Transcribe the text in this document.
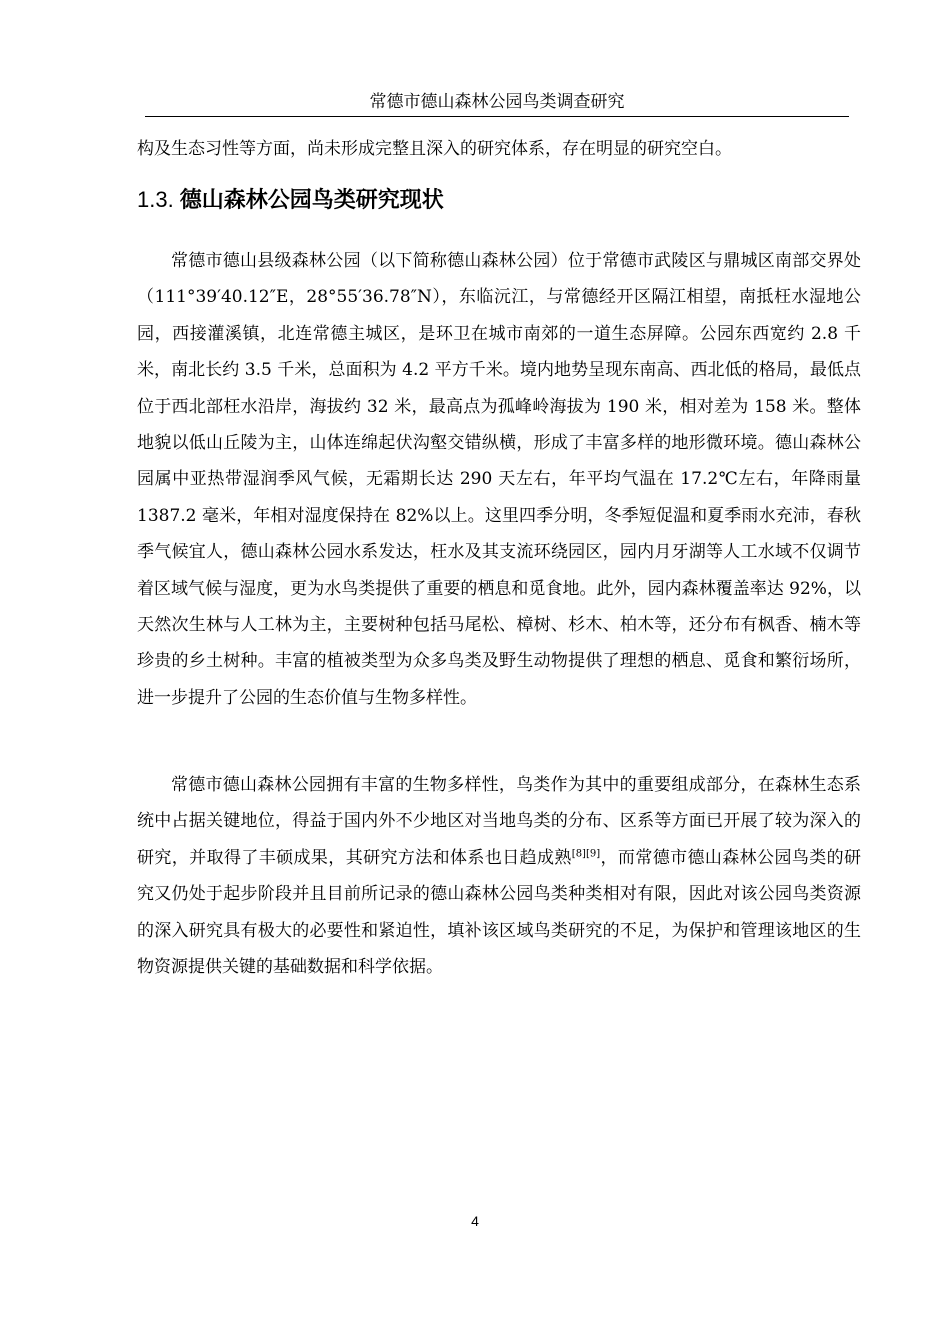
常德市德山森林公园鸟类调查研究

构及生态习性等方面，尚未形成完整且深入的研究体系，存在明显的研究空白。

1.3. 德山森林公园鸟类研究现状

常德市德山县级森林公园（以下简称德山森林公园）位于常德市武陵区与鼎城区南部交界处（111°39′40.12″E，28°55′36.78″N），东临沅江，与常德经开区隔江相望，南抵枉水湿地公园，西接灌溪镇，北连常德主城区，是环卫在城市南郊的一道生态屏障。公园东西宽约 2.8 千米，南北长约 3.5 千米，总面积为 4.2 平方千米。境内地势呈现东南高、西北低的格局，最低点位于西北部枉水沿岸，海拔约 32 米，最高点为孤峰岭海拔为 190 米，相对差为 158 米。整体地貌以低山丘陵为主，山体连绵起伏沟壑交错纵横，形成了丰富多样的地形微环境。德山森林公园属中亚热带湿润季风气候，无霜期长达 290 天左右，年平均气温在 17.2℃左右，年降雨量 1387.2 毫米，年相对湿度保持在 82%以上。这里四季分明，冬季短促温和夏季雨水充沛，春秋季气候宜人，德山森林公园水系发达，枉水及其支流环绕园区，园内月牙湖等人工水域不仅调节着区域气候与湿度，更为水鸟类提供了重要的栖息和觅食地。此外，园内森林覆盖率达 92%，以天然次生林与人工林为主，主要树种包括马尾松、樟树、杉木、柏木等，还分布有枫香、楠木等珍贵的乡土树种。丰富的植被类型为众多鸟类及野生动物提供了理想的栖息、觅食和繁衍场所，进一步提升了公园的生态价值与生物多样性。

常德市德山森林公园拥有丰富的生物多样性，鸟类作为其中的重要组成部分，在森林生态系统中占据关键地位，得益于国内外不少地区对当地鸟类的分布、区系等方面已开展了较为深入的研究，并取得了丰硕成果，其研究方法和体系也日趋成熟[8][9]，而常德市德山森林公园鸟类的研究又仍处于起步阶段并且目前所记录的德山森林公园鸟类种类相对有限，因此对该公园鸟类资源的深入研究具有极大的必要性和紧迫性，填补该区域鸟类研究的不足，为保护和管理该地区的生物资源提供关键的基础数据和科学依据。

4
